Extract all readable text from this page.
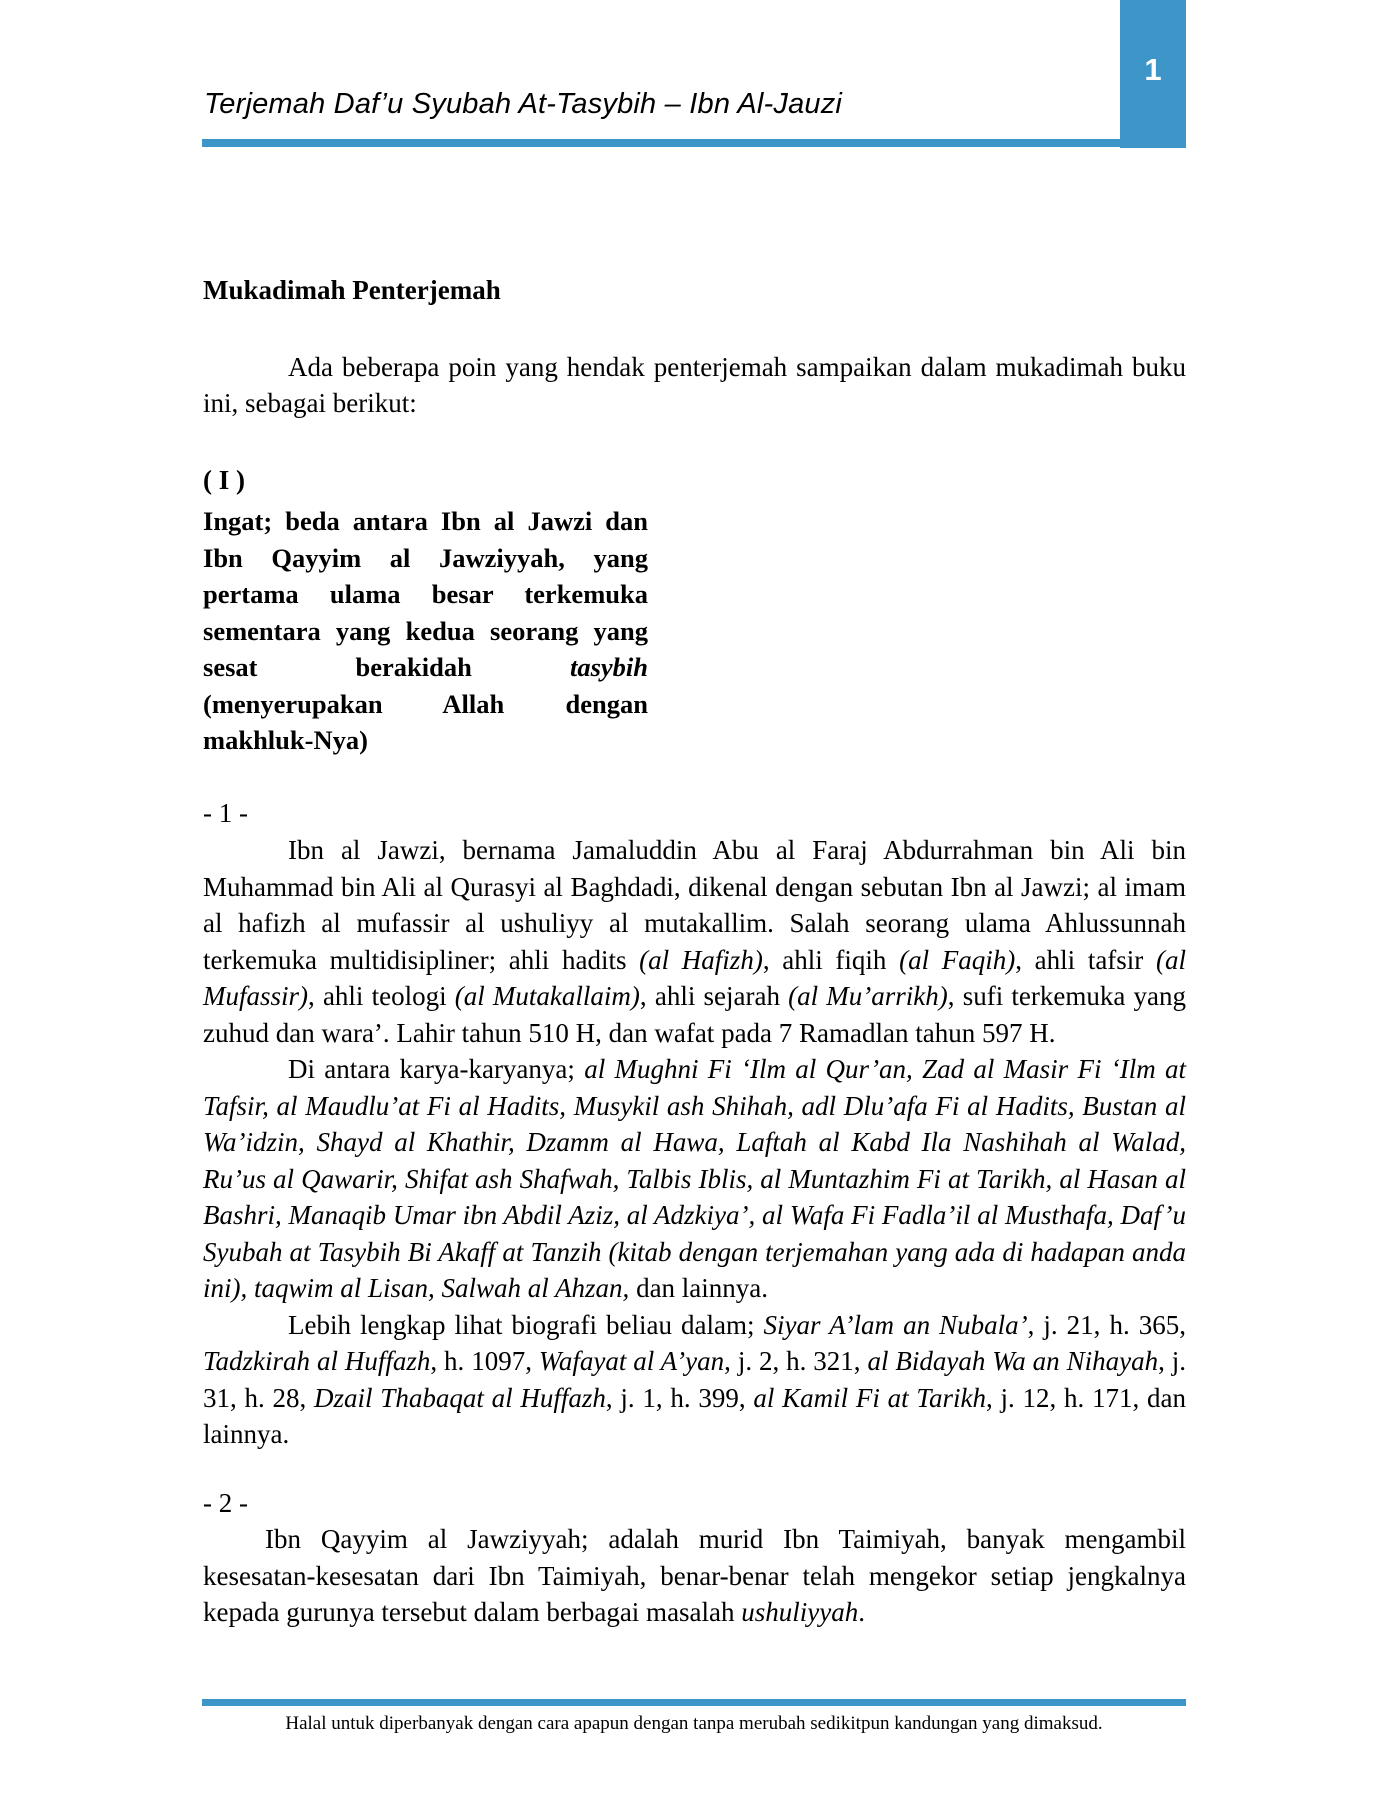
1
Terjemah Daf’u Syubah At-Tasybih – Ibn Al-Jauzi
Mukadimah Penterjemah
Ada beberapa poin yang hendak penterjemah sampaikan dalam mukadimah buku ini, sebagai berikut:
( I )
Ingat; beda antara Ibn al Jawzi dan
Ibn Qayyim al Jawziyyah, yang
pertama ulama besar terkemuka
sementara yang kedua seorang yang
sesat berakidah tasybih
(menyerupakan Allah dengan
makhluk-Nya)
- 1 -
Ibn al Jawzi, bernama Jamaluddin Abu al Faraj Abdurrahman bin Ali bin Muhammad bin Ali al Qurasyi al Baghdadi, dikenal dengan sebutan Ibn al Jawzi; al imam al hafizh al mufassir al ushuliyy al mutakallim. Salah seorang ulama Ahlussunnah terkemuka multidisipliner; ahli hadits (al Hafizh), ahli fiqih (al Faqih), ahli tafsir (al Mufassir), ahli teologi (al Mutakallaim), ahli sejarah (al Mu’arrikh), sufi terkemuka yang zuhud dan wara’. Lahir tahun 510 H, dan wafat pada 7 Ramadlan tahun 597 H.
Di antara karya-karyanya; al Mughni Fi ‘Ilm al Qur’an, Zad al Masir Fi ‘Ilm at Tafsir, al Maudlu’at Fi al Hadits, Musykil ash Shihah, adl Dlu’afa Fi al Hadits, Bustan al Wa’idzin, Shayd al Khathir, Dzamm al Hawa, Laftah al Kabd Ila Nashihah al Walad, Ru’us al Qawarir, Shifat ash Shafwah, Talbis Iblis, al Muntazhim Fi at Tarikh, al Hasan al Bashri, Manaqib Umar ibn Abdil Aziz, al Adzkiya’, al Wafa Fi Fadla’il al Musthafa, Daf’u Syubah at Tasybih Bi Akaff at Tanzih (kitab dengan terjemahan yang ada di hadapan anda ini), taqwim al Lisan, Salwah al Ahzan, dan lainnya.
Lebih lengkap lihat biografi beliau dalam; Siyar A’lam an Nubala’, j. 21, h. 365, Tadzkirah al Huffazh, h. 1097, Wafayat al A’yan, j. 2, h. 321, al Bidayah Wa an Nihayah, j. 31, h. 28, Dzail Thabaqat al Huffazh, j. 1, h. 399, al Kamil Fi at Tarikh, j. 12, h. 171, dan lainnya.
- 2 -
Ibn Qayyim al Jawziyyah; adalah murid Ibn Taimiyah, banyak mengambil kesesatan-kesesatan dari Ibn Taimiyah, benar-benar telah mengekor setiap jengkalnya kepada gurunya tersebut dalam berbagai masalah ushuliyyah.
Halal untuk diperbanyak dengan cara apapun dengan tanpa merubah sedikitpun kandungan yang dimaksud.
